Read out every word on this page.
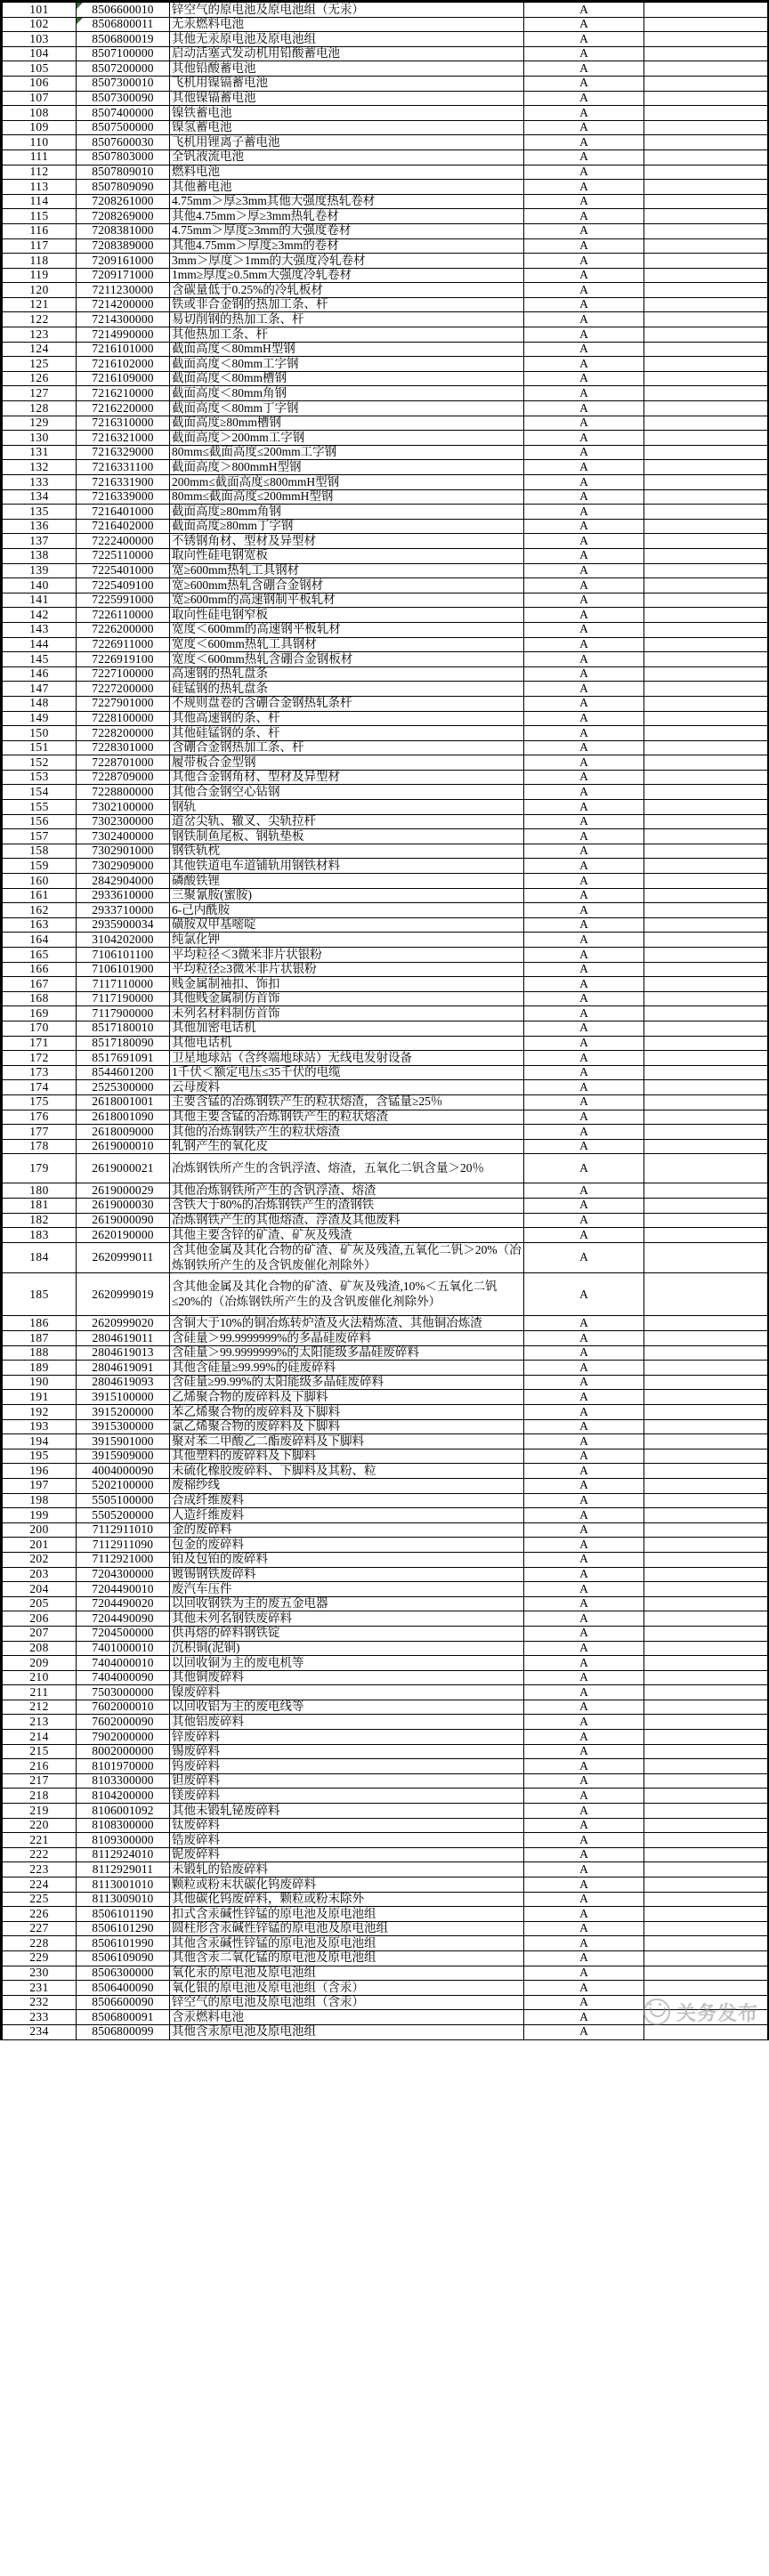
101	8506600010	锌空气的原电池及原电池组（无汞）	A	
102	8506800011	无汞燃料电池	A	
103	8506800019	其他无汞原电池及原电池组	A	
104	8507100000	启动活塞式发动机用铅酸蓄电池	A	
105	8507200000	其他铅酸蓄电池	A	
106	8507300010	飞机用镍镉蓄电池	A	
107	8507300090	其他镍镉蓄电池	A	
108	8507400000	镍铁蓄电池	A	
109	8507500000	镍氢蓄电池	A	
110	8507600030	飞机用锂离子蓄电池	A	
111	8507803000	全钒液流电池	A	
112	8507809010	燃料电池	A	
113	8507809090	其他蓄电池	A	
114	7208261000	4.75mm＞厚≥3mm其他大强度热轧卷材	A	
115	7208269000	其他4.75mm＞厚≥3mm热轧卷材	A	
116	7208381000	4.75mm＞厚度≥3mm的大强度卷材	A	
117	7208389000	其他4.75mm＞厚度≥3mm的卷材	A	
118	7209161000	3mm＞厚度＞1mm的大强度冷轧卷材	A	
119	7209171000	1mm≥厚度≥0.5mm大强度冷轧卷材	A	
120	7211230000	含碳量低于0.25%的冷轧板材	A	
121	7214200000	铁或非合金钢的热加工条、杆	A	
122	7214300000	易切削钢的热加工条、杆	A	
123	7214990000	其他热加工条、杆	A	
124	7216101000	截面高度＜80mmH型钢	A	
125	7216102000	截面高度＜80mm工字钢	A	
126	7216109000	截面高度＜80mm槽钢	A	
127	7216210000	截面高度＜80mm角钢	A	
128	7216220000	截面高度＜80mm丁字钢	A	
129	7216310000	截面高度≥80mm槽钢	A	
130	7216321000	截面高度＞200mm工字钢	A	
131	7216329000	80mm≤截面高度≤200mm工字钢	A	
132	7216331100	截面高度＞800mmH型钢	A	
133	7216331900	200mm≤截面高度≤800mmH型钢	A	
134	7216339000	80mm≤截面高度≤200mmH型钢	A	
135	7216401000	截面高度≥80mm角钢	A	
136	7216402000	截面高度≥80mm丁字钢	A	
137	7222400000	不锈钢角材、型材及异型材	A	
138	7225110000	取向性硅电钢宽板	A	
139	7225401000	宽≥600mm热轧工具钢材	A	
140	7225409100	宽≥600mm热轧含硼合金钢材	A	
141	7225991000	宽≥600mm的高速钢制平板轧材	A	
142	7226110000	取向性硅电钢窄板	A	
143	7226200000	宽度＜600mm的高速钢平板轧材	A	
144	7226911000	宽度＜600mm热轧工具钢材	A	
145	7226919100	宽度＜600mm热轧含硼合金钢板材	A	
146	7227100000	高速钢的热轧盘条	A	
147	7227200000	硅锰钢的热轧盘条	A	
148	7227901000	不规则盘卷的含硼合金钢热轧条杆	A	
149	7228100000	其他高速钢的条、杆	A	
150	7228200000	其他硅锰钢的条、杆	A	
151	7228301000	含硼合金钢热加工条、杆	A	
152	7228701000	履带板合金型钢	A	
153	7228709000	其他合金钢角材、型材及异型材	A	
154	7228800000	其他合金钢空心钻钢	A	
155	7302100000	钢轨	A	
156	7302300000	道岔尖轨、辙叉、尖轨拉杆	A	
157	7302400000	钢铁制鱼尾板、钢轨垫板	A	
158	7302901000	钢铁轨枕	A	
159	7302909000	其他铁道电车道铺轨用钢铁材料	A	
160	2842904000	磷酸铁锂	A	
161	2933610000	三聚氰胺(蜜胺)	A	
162	2933710000	6-己内酰胺	A	
163	2935900034	磺胺双甲基嘧啶	A	
164	3104202000	纯氯化钾	A	
165	7106101100	平均粒径＜3微米非片状银粉	A	
166	7106101900	平均粒径≥3微米非片状银粉	A	
167	7117110000	贱金属制袖扣、饰扣	A	
168	7117190000	其他贱金属制仿首饰	A	
169	7117900000	未列名材料制仿首饰	A	
170	8517180010	其他加密电话机	A	
171	8517180090	其他电话机	A	
172	8517691091	卫星地球站（含终端地球站）无线电发射设备	A	
173	8544601200	1千伏＜额定电压≤35千伏的电缆	A	
174	2525300000	云母废料	A	
175	2618001001	主要含锰的冶炼钢铁产生的粒状熔渣，含锰量≥25％	A	
176	2618001090	其他主要含锰的冶炼钢铁产生的粒状熔渣	A	
177	2618009000	其他的冶炼钢铁产生的粒状熔渣	A	
178	2619000010	轧钢产生的氧化皮	A	
179	2619000021	冶炼钢铁所产生的含钒浮渣、熔渣，五氧化二钒含量＞20％	A	
180	2619000029	其他冶炼钢铁所产生的含钒浮渣、熔渣	A	
181	2619000030	含铁大于80%的冶炼钢铁产生的渣钢铁	A	
182	2619000090	冶炼钢铁产生的其他熔渣、浮渣及其他废料	A	
183	2620190000	其他主要含锌的矿渣、矿灰及残渣	A	
184	2620999011	含其他金属及其化合物的矿渣、矿灰及残渣,五氧化二钒＞20%（冶炼钢铁所产生的及含钒废催化剂除外）	A	
185	2620999019	含其他金属及其化合物的矿渣、矿灰及残渣,10%＜五氧化二钒≤20%的（冶炼钢铁所产生的及含钒废催化剂除外）	A	
186	2620999020	含铜大于10%的铜冶炼转炉渣及火法精炼渣、其他铜冶炼渣	A	
187	2804619011	含硅量＞99.9999999%的多晶硅废碎料	A	
188	2804619013	含硅量＞99.9999999%的太阳能级多晶硅废碎料	A	
189	2804619091	其他含硅量≥99.99%的硅废碎料	A	
190	2804619093	含硅量≥99.99%的太阳能级多晶硅废碎料	A	
191	3915100000	乙烯聚合物的废碎料及下脚料	A	
192	3915200000	苯乙烯聚合物的废碎料及下脚料	A	
193	3915300000	氯乙烯聚合物的废碎料及下脚料	A	
194	3915901000	聚对苯二甲酸乙二酯废碎料及下脚料	A	
195	3915909000	其他塑料的废碎料及下脚料	A	
196	4004000090	未硫化橡胶废碎料、下脚料及其粉、粒	A	
197	5202100000	废棉纱线	A	
198	5505100000	合成纤维废料	A	
199	5505200000	人造纤维废料	A	
200	7112911010	金的废碎料	A	
201	7112911090	包金的废碎料	A	
202	7112921000	铂及包铂的废碎料	A	
203	7204300000	镀锡钢铁废碎料	A	
204	7204490010	废汽车压件	A	
205	7204490020	以回收钢铁为主的废五金电器	A	
206	7204490090	其他未列名钢铁废碎料	A	
207	7204500000	供再熔的碎料钢铁锭	A	
208	7401000010	沉积铜(泥铜)	A	
209	7404000010	以回收铜为主的废电机等	A	
210	7404000090	其他铜废碎料	A	
211	7503000000	镍废碎料	A	
212	7602000010	以回收铝为主的废电线等	A	
213	7602000090	其他铝废碎料	A	
214	7902000000	锌废碎料	A	
215	8002000000	锡废碎料	A	
216	8101970000	钨废碎料	A	
217	8103300000	钽废碎料	A	
218	8104200000	镁废碎料	A	
219	8106001092	其他未锻轧铋废碎料	A	
220	8108300000	钛废碎料	A	
221	8109300000	锆废碎料	A	
222	8112924010	铌废碎料	A	
223	8112929011	未锻轧的铪废碎料	A	
224	8113001010	颗粒或粉末状碳化钨废碎料	A	
225	8113009010	其他碳化钨废碎料，颗粒或粉末除外	A	
226	8506101190	扣式含汞碱性锌锰的原电池及原电池组	A	
227	8506101290	圆柱形含汞碱性锌锰的原电池及原电池组	A	
228	8506101990	其他含汞碱性锌锰的原电池及原电池组	A	
229	8506109090	其他含汞二氧化锰的原电池及原电池组	A	
230	8506300000	氧化汞的原电池及原电池组	A	
231	8506400090	氧化银的原电池及原电池组（含汞）	A	
232	8506600090	锌空气的原电池及原电池组（含汞）	A	
233	8506800091	含汞燃料电池	A	
234	8506800099	其他含汞原电池及原电池组	A	
关务发布
